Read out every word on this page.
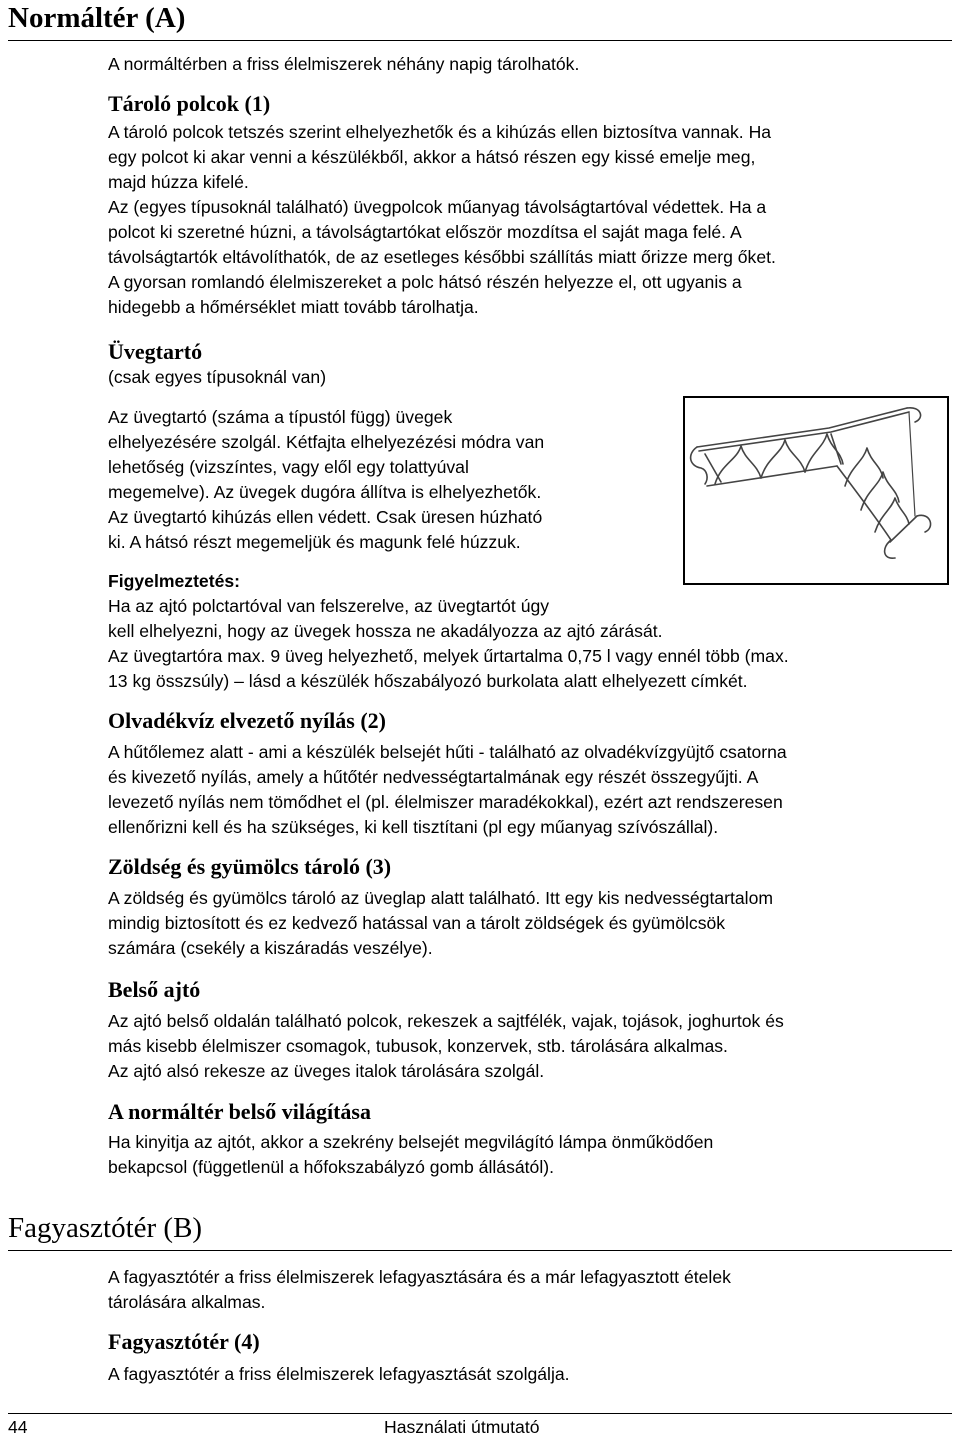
Normáltér (A)
A normáltérben a friss élelmiszerek néhány napig tárolhatók.
Tároló polcok (1)
A tároló polcok tetszés szerint elhelyezhetők és a kihúzás ellen biztosítva vannak. Ha
egy polcot ki akar venni a készülékből, akkor a hátsó részen egy kissé emelje meg,
majd húzza kifelé.
Az (egyes típusoknál található) üvegpolcok műanyag távolságtartóval védettek. Ha a
polcot ki szeretné húzni, a távolságtartókat először mozdítsa el saját maga felé. A
távolságtartók eltávolíthatók, de az esetleges későbbi szállítás miatt őrizze merg őket.
A gyorsan romlandó élelmiszereket a polc hátsó részén helyezze el, ott ugyanis a
hidegebb a hőmérséklet miatt tovább tárolhatja.
Üvegtartó
(csak egyes típusoknál van)
Az üvegtartó (száma a típustól függ) üvegek
elhelyezésére szolgál. Kétfajta elhelyezézési módra van
lehetőség (vizszíntes, vagy elől egy tolattyúval
megemelve). Az üvegek dugóra állítva is elhelyezhetők.
Az üvegtartó kihúzás ellen védett. Csak üresen húzható
ki. A hátsó részt megemeljük és magunk felé húzzuk.
Figyelmeztetés:
Ha az ajtó polctartóval van felszerelve, az üvegtartót úgy
kell elhelyezni, hogy az üvegek hossza ne akadályozza az ajtó zárását.
Az üvegtartóra max. 9 üveg helyezhető, melyek űrtartalma 0,75 l vagy ennél több (max.
13 kg összsúly) – lásd a készülék hőszabályozó burkolata alatt elhelyezett címkét.
Olvadékvíz elvezető nyílás (2)
A hűtőlemez alatt - ami a készülék belsejét hűti - található az olvadékvízgyüjtő csatorna
és kivezető nyílás, amely a hűtőtér nedvességtartalmának egy részét összegyűjti. A
levezető nyílás nem tömődhet el (pl. élelmiszer maradékokkal), ezért azt rendszeresen
ellenőrizni kell és ha szükséges, ki kell tisztítani (pl egy műanyag szívószállal).
Zöldség és gyümölcs tároló (3)
A zöldség és gyümölcs tároló az üveglap alatt található. Itt egy kis nedvességtartalom
mindig biztosított és ez kedvező hatással van a tárolt zöldségek és gyümölcsök
számára (csekély a kiszáradás veszélye).
Belső ajtó
Az ajtó belső oldalán található polcok, rekeszek a sajtfélék, vajak, tojások, joghurtok és
más kisebb élelmiszer csomagok, tubusok, konzervek, stb. tárolására alkalmas.
Az ajtó alsó rekesze az üveges italok tárolására szolgál.
A normáltér belső világítása
Ha kinyitja az ajtót, akkor a szekrény belsejét megvilágító lámpa önműködően
bekapcsol (függetlenül a hőfokszabályzó gomb állásától).
Fagyasztótér (B)
A fagyasztótér a friss élelmiszerek lefagyasztására és a már lefagyasztott ételek
tárolására alkalmas.
Fagyasztótér (4)
A fagyasztótér a friss élelmiszerek lefagyasztását szolgálja.
44	Használati útmutató
